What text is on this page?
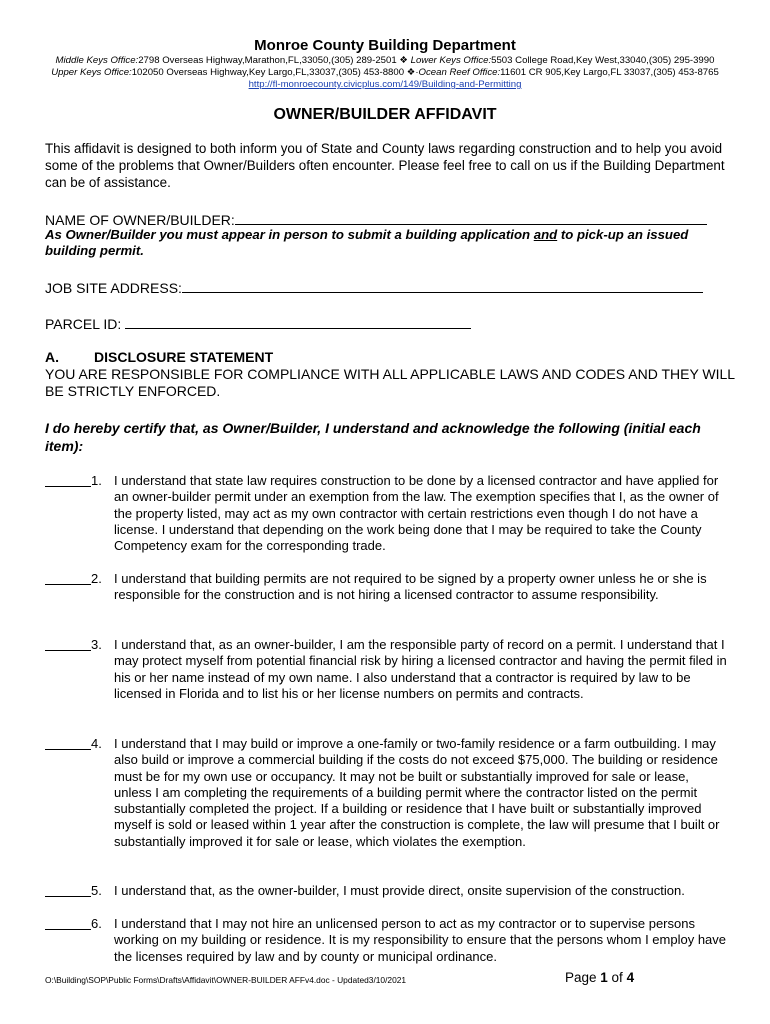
Monroe County Building Department
Middle Keys Office:2798 Overseas Highway,Marathon,FL,33050,(305) 289-2501 ❖ Lower Keys Office:5503 College Road,Key West,33040,(305) 295-3990
Upper Keys Office:102050 Overseas Highway,Key Largo,FL,33037,(305) 453-8800 ❖·Ocean Reef Office:11601 CR 905,Key Largo,FL 33037,(305) 453-8765
http://fl-monroecounty.civicplus.com/149/Building-and-Permitting
OWNER/BUILDER AFFIDAVIT
This affidavit is designed to both inform you of State and County laws regarding construction and to help you avoid some of the problems that Owner/Builders often encounter. Please feel free to call on us if the Building Department can be of assistance.
NAME OF OWNER/BUILDER:
As Owner/Builder you must appear in person to submit a building application and to pick-up an issued building permit.
JOB SITE ADDRESS:
PARCEL ID:
A.	DISCLOSURE STATEMENT
YOU ARE RESPONSIBLE FOR COMPLIANCE WITH ALL APPLICABLE LAWS AND CODES AND THEY WILL BE STRICTLY ENFORCED.
I do hereby certify that, as Owner/Builder, I understand and acknowledge the following (initial each item):
1. I understand that state law requires construction to be done by a licensed contractor and have applied for an owner-builder permit under an exemption from the law. The exemption specifies that I, as the owner of the property listed, may act as my own contractor with certain restrictions even though I do not have a license. I understand that depending on the work being done that I may be required to take the County Competency exam for the corresponding trade.
2. I understand that building permits are not required to be signed by a property owner unless he or she is responsible for the construction and is not hiring a licensed contractor to assume responsibility.
3. I understand that, as an owner-builder, I am the responsible party of record on a permit. I understand that I may protect myself from potential financial risk by hiring a licensed contractor and having the permit filed in his or her name instead of my own name. I also understand that a contractor is required by law to be licensed in Florida and to list his or her license numbers on permits and contracts.
4. I understand that I may build or improve a one-family or two-family residence or a farm outbuilding. I may also build or improve a commercial building if the costs do not exceed $75,000. The building or residence must be for my own use or occupancy. It may not be built or substantially improved for sale or lease, unless I am completing the requirements of a building permit where the contractor listed on the permit substantially completed the project. If a building or residence that I have built or substantially improved myself is sold or leased within 1 year after the construction is complete, the law will presume that I built or substantially improved it for sale or lease, which violates the exemption.
5. I understand that, as the owner-builder, I must provide direct, onsite supervision of the construction.
6. I understand that I may not hire an unlicensed person to act as my contractor or to supervise persons working on my building or residence. It is my responsibility to ensure that the persons whom I employ have the licenses required by law and by county or municipal ordinance.
O:\Building\SOP\Public Forms\Drafts\Affidavit\OWNER-BUILDER AFFv4.doc - Updated3/10/2021	Page 1 of 4
